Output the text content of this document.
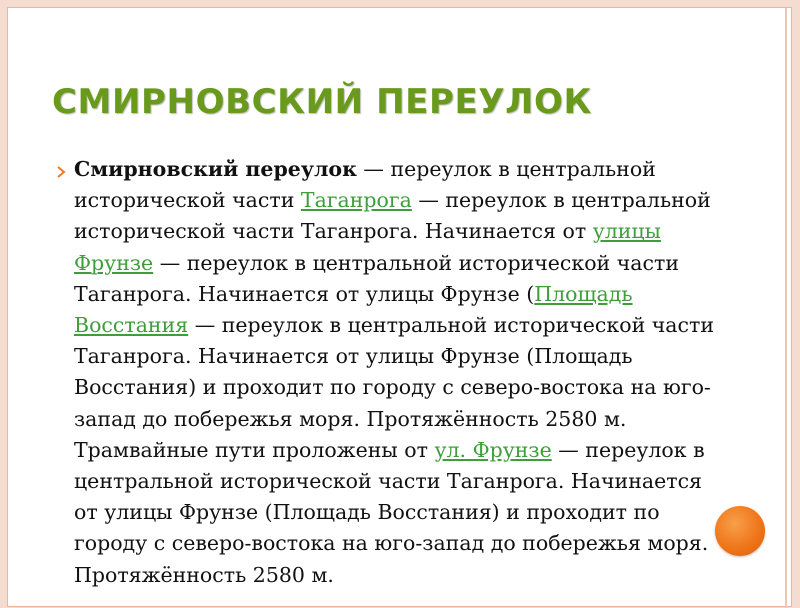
СМИРНОВСКИЙ ПЕРЕУЛОК

Смирновский переулок — переулок в центральной исторической части Таганрога — переулок в центральной исторической части Таганрога. Начинается от улицы Фрунзе — переулок в центральной исторической части Таганрога. Начинается от улицы Фрунзе (Площадь Восстания — переулок в центральной исторической части Таганрога. Начинается от улицы Фрунзе (Площадь Восстания) и проходит по городу с северо-востока на юго-запад до побережья моря. Протяжённость 2580 м. Трамвайные пути проложены от ул. Фрунзе — переулок в центральной исторической части Таганрога. Начинается от улицы Фрунзе (Площадь Восстания) и проходит по городу с северо-востока на юго-запад до побережья моря. Протяжённость 2580 м.
